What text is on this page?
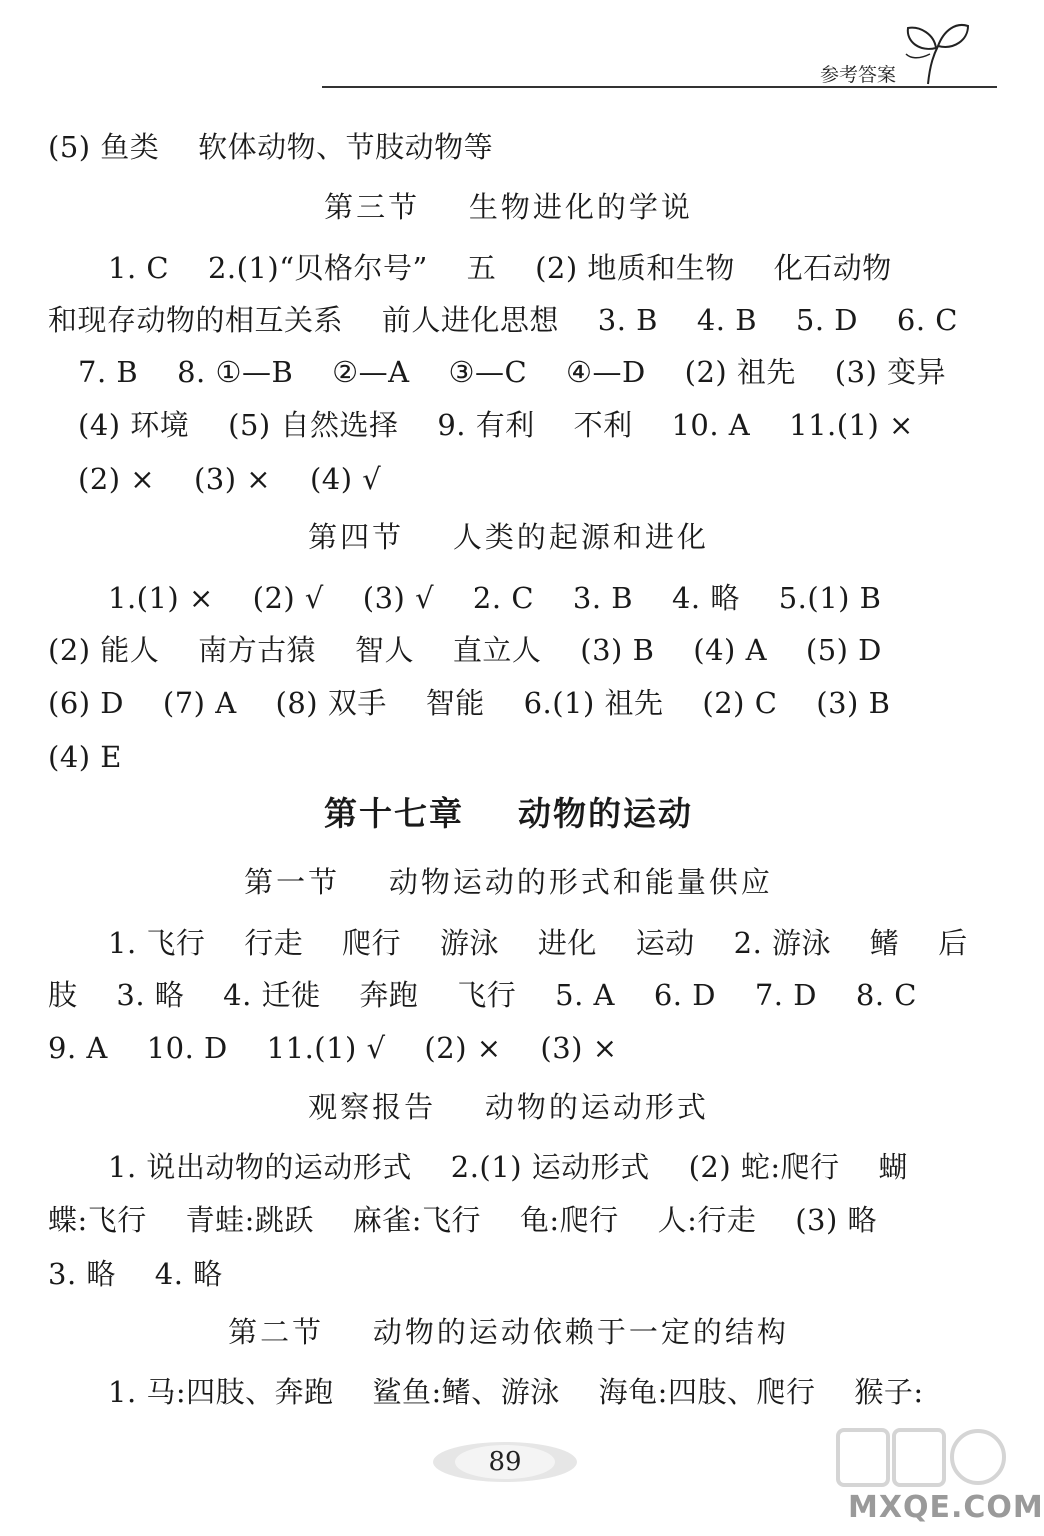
参考答案
(5) 鱼类    软体动物、节肢动物等
第三节    生物进化的学说
1. C    2.(1)“贝格尔号”    五    (2) 地质和生物    化石动物
和现存动物的相互关系    前人进化思想    3. B    4. B    5. D    6. C
7. B    8. ①—B    ②—A    ③—C    ④—D    (2) 祖先    (3) 变异
(4) 环境    (5) 自然选择    9. 有利    不利    10. A    11.(1) ×
(2) ×    (3) ×    (4) √
第四节    人类的起源和进化
1.(1) ×    (2) √    (3) √    2. C    3. B    4. 略    5.(1) B
(2) 能人    南方古猿    智人    直立人    (3) B    (4) A    (5) D
(6) D    (7) A    (8) 双手    智能    6.(1) 祖先    (2) C    (3) B
(4) E
第十七章    动物的运动
第一节    动物运动的形式和能量供应
1. 飞行    行走    爬行    游泳    进化    运动    2. 游泳    鳍    后
肢    3. 略    4. 迁徙    奔跑    飞行    5. A    6. D    7. D    8. C
9. A    10. D    11.(1) √    (2) ×    (3) ×
观察报告    动物的运动形式
1. 说出动物的运动形式    2.(1) 运动形式    (2) 蛇:爬行    蝴
蝶:飞行    青蛙:跳跃    麻雀:飞行    龟:爬行    人:行走    (3) 略
3. 略    4. 略
第二节    动物的运动依赖于一定的结构
1. 马:四肢、奔跑    鲨鱼:鳍、游泳    海龟:四肢、爬行    猴子:
89
MXQE.COM
